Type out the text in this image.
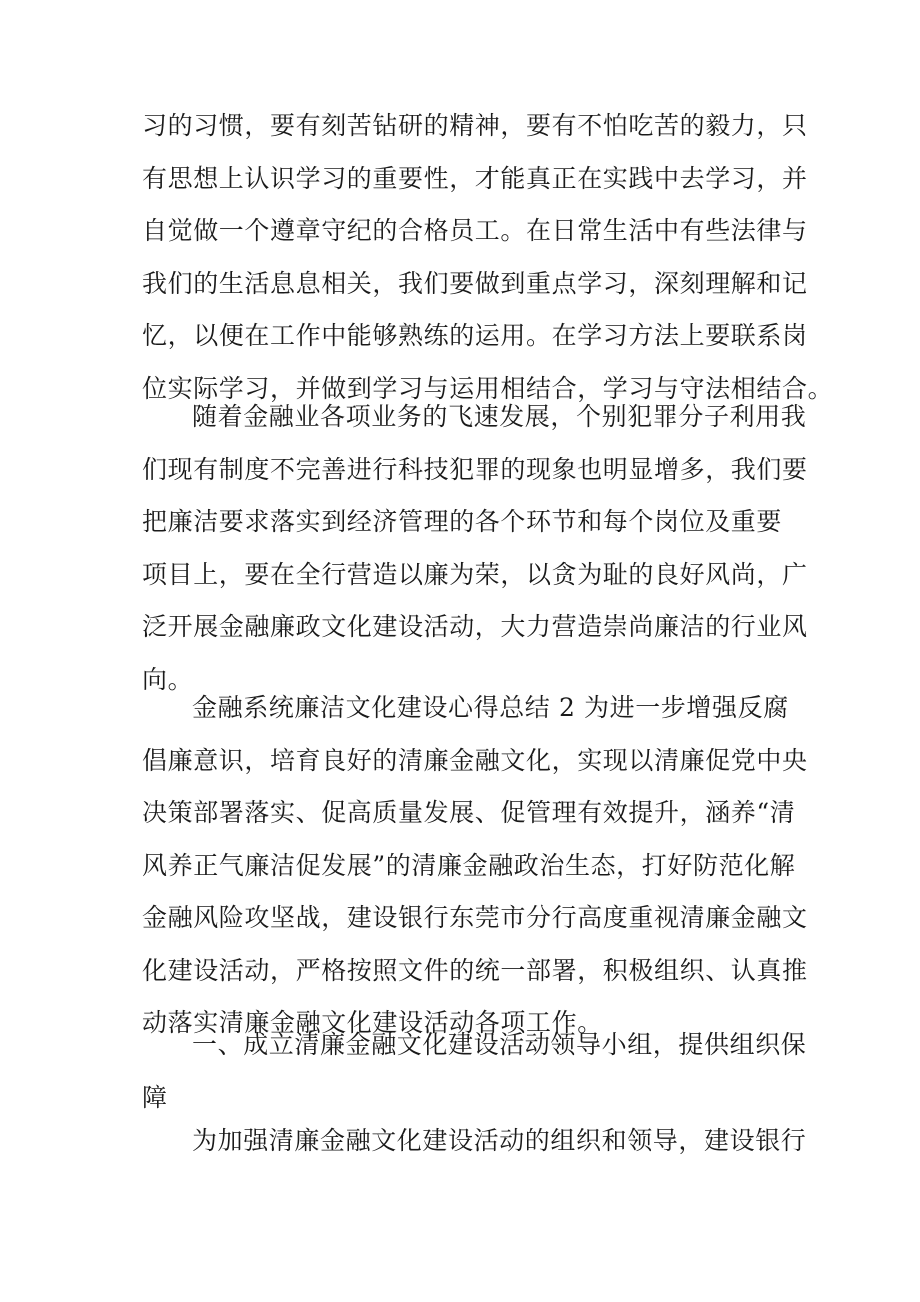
习的习惯，要有刻苦钻研的精神，要有不怕吃苦的毅力，只
有思想上认识学习的重要性，才能真正在实践中去学习，并
自觉做一个遵章守纪的合格员工。在日常生活中有些法律与
我们的生活息息相关，我们要做到重点学习，深刻理解和记
忆，以便在工作中能够熟练的运用。在学习方法上要联系岗
位实际学习，并做到学习与运用相结合，学习与守法相结合。
随着金融业各项业务的飞速发展，个别犯罪分子利用我
们现有制度不完善进行科技犯罪的现象也明显增多，我们要
把廉洁要求落实到经济管理的各个环节和每个岗位及重要
项目上，要在全行营造以廉为荣，以贪为耻的良好风尚，广
泛开展金融廉政文化建设活动，大力营造崇尚廉洁的行业风
向。
金融系统廉洁文化建设心得总结 2 为进一步增强反腐
倡廉意识，培育良好的清廉金融文化，实现以清廉促党中央
决策部署落实、促高质量发展、促管理有效提升，涵养“清
风养正气廉洁促发展”的清廉金融政治生态，打好防范化解
金融风险攻坚战，建设银行东莞市分行高度重视清廉金融文
化建设活动，严格按照文件的统一部署，积极组织、认真推
动落实清廉金融文化建设活动各项工作。
一、成立清廉金融文化建设活动领导小组，提供组织保
障
为加强清廉金融文化建设活动的组织和领导，建设银行
